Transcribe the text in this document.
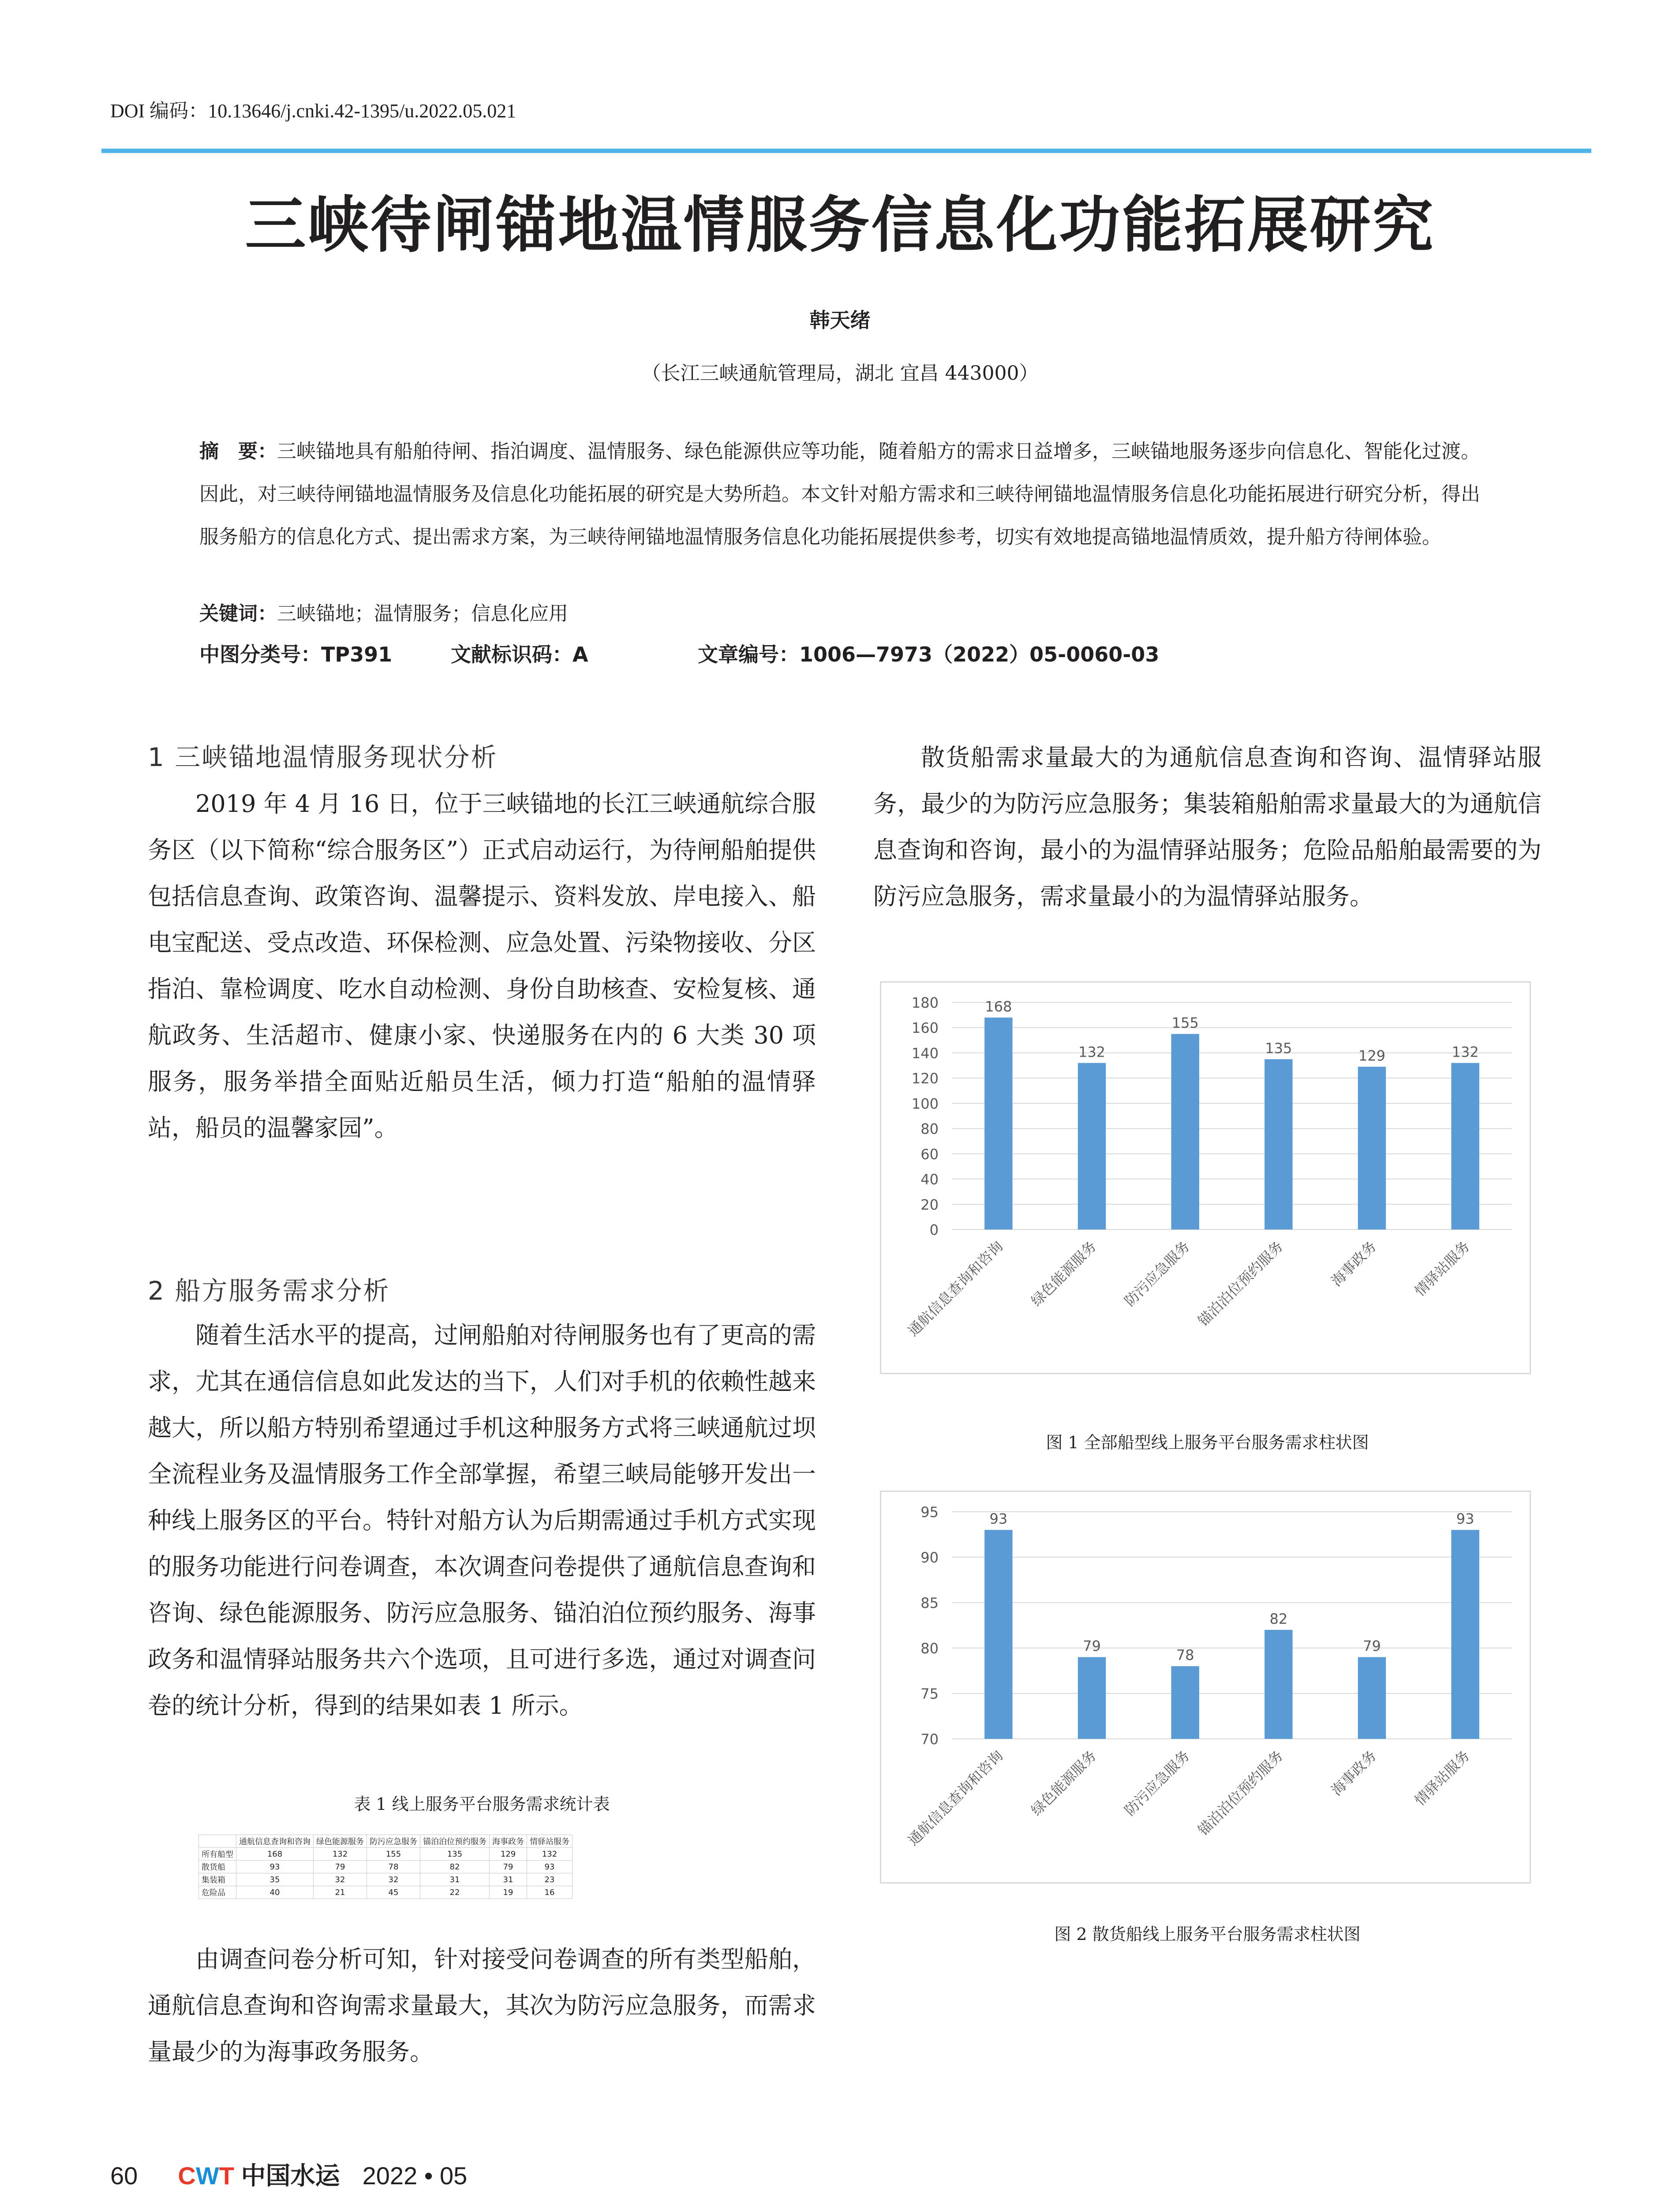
DOI 编码：10.13646/j.cnki.42-1395/u.2022.05.021
三峡待闸锚地温情服务信息化功能拓展研究
韩天绪
（长江三峡通航管理局，湖北 宜昌 443000）
摘　要：三峡锚地具有船舶待闸、指泊调度、温情服务、绿色能源供应等功能，随着船方的需求日益增多，三峡锚地服务逐步向信息化、智能化过渡。因此，对三峡待闸锚地温情服务及信息化功能拓展的研究是大势所趋。本文针对船方需求和三峡待闸锚地温情服务信息化功能拓展进行研究分析，得出服务船方的信息化方式、提出需求方案，为三峡待闸锚地温情服务信息化功能拓展提供参考，切实有效地提高锚地温情质效，提升船方待闸体验。
关键词：三峡锚地；温情服务；信息化应用
中图分类号：TP391	文献标识码：A	文章编号：1006—7973（2022）05-0060-03
1 三峡锚地温情服务现状分析
2019 年 4 月 16 日，位于三峡锚地的长江三峡通航综合服务区（以下简称“综合服务区”）正式启动运行，为待闸船舶提供包括信息查询、政策咨询、温馨提示、资料发放、岸电接入、船电宝配送、受点改造、环保检测、应急处置、污染物接收、分区指泊、靠检调度、吃水自动检测、身份自助核查、安检复核、通航政务、生活超市、健康小家、快递服务在内的 6 大类 30 项服务，服务举措全面贴近船员生活，倾力打造“船舶的温情驿站，船员的温馨家园”。
2 船方服务需求分析
随着生活水平的提高，过闸船舶对待闸服务也有了更高的需求，尤其在通信信息如此发达的当下，人们对手机的依赖性越来越大，所以船方特别希望通过手机这种服务方式将三峡通航过坝全流程业务及温情服务工作全部掌握，希望三峡局能够开发出一种线上服务区的平台。特针对船方认为后期需通过手机方式实现的服务功能进行问卷调查，本次调查问卷提供了通航信息查询和咨询、绿色能源服务、防污应急服务、锚泊泊位预约服务、海事政务和温情驿站服务共六个选项，且可进行多选，通过对调查问卷的统计分析，得到的结果如表 1 所示。
表 1 线上服务平台服务需求统计表
	通航信息查询和咨询	绿色能源服务	防污应急服务	锚泊泊位预约服务	海事政务	情驿站服务
所有船型	168	132	155	135	129	132
散货船	93	79	78	82	79	93
集装箱	35	32	32	31	31	23
危险品	40	21	45	22	19	16
由调查问卷分析可知，针对接受问卷调查的所有类型船舶，通航信息查询和咨询需求量最大，其次为防污应急服务，而需求量最少的为海事政务服务。
散货船需求量最大的为通航信息查询和咨询、温情驿站服务，最少的为防污应急服务；集装箱船舶需求量最大的为通航信息查询和咨询，最小的为温情驿站服务；危险品船舶最需要的为防污应急服务，需求量最小的为温情驿站服务。
0
20
40
60
80
100
120
140
160
180	168
通航信息查询和咨询
132
绿色能源服务
155
防污应急服务
135
锚泊泊位预约服务
129
海事政务
132
情驿站服务
图 1 全部船型线上服务平台服务需求柱状图
70
75
80
85
90
95	93
通航信息查询和咨询
79
绿色能源服务
78
防污应急服务
82
锚泊泊位预约服务
79
海事政务
93
情驿站服务
图 2 散货船线上服务平台服务需求柱状图
60 CWT 中国水运 2022 • 05
